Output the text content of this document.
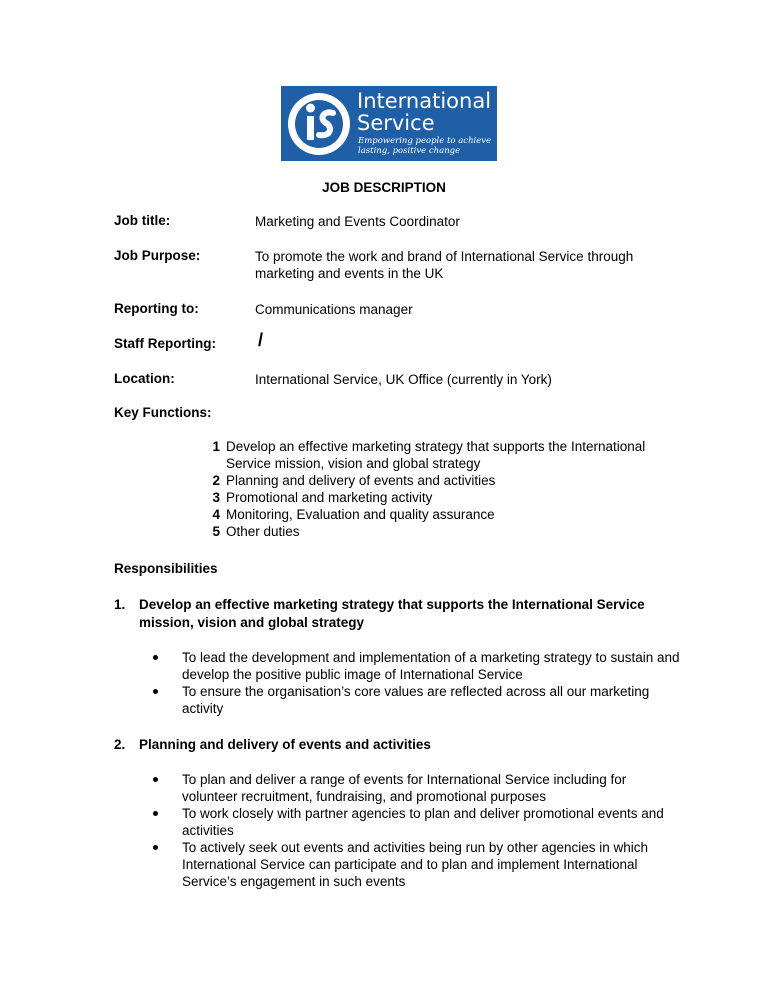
International
Service
Empowering people to achieve
lasting, positive change
JOB DESCRIPTION
Job title:	Marketing and Events Coordinator
Job Purpose:	To promote the work and brand of International Service through
marketing and events in the UK
Reporting to:	Communications manager
Staff Reporting: /
Location:	International Service, UK Office (currently in York)
Key Functions:
1 Develop an effective marketing strategy that supports the International
Service mission, vision and global strategy
2 Planning and delivery of events and activities
3 Promotional and marketing activity
4 Monitoring, Evaluation and quality assurance
5 Other duties
Responsibilities
1. Develop an effective marketing strategy that supports the International Service
mission, vision and global strategy
To lead the development and implementation of a marketing strategy to sustain and
develop the positive public image of International Service
To ensure the organisation’s core values are reflected across all our marketing
activity
2. Planning and delivery of events and activities
To plan and deliver a range of events for International Service including for
volunteer recruitment, fundraising, and promotional purposes
To work closely with partner agencies to plan and deliver promotional events and
activities
To actively seek out events and activities being run by other agencies in which
International Service can participate and to plan and implement International
Service’s engagement in such events
